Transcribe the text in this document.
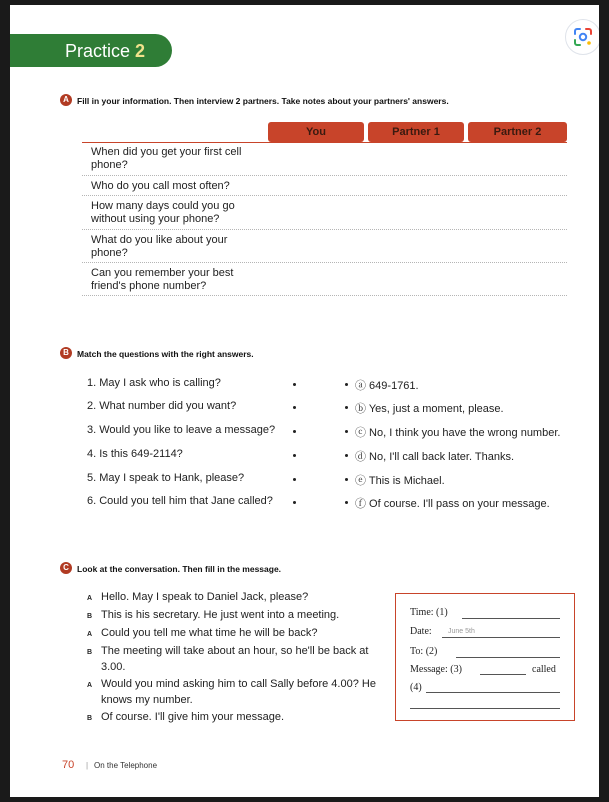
Practice 2
A Fill in your information. Then interview 2 partners. Take notes about your partners' answers.
You	Partner 1	Partner 2
When did you get your first cell phone?
Who do you call most often?
How many days could you go without using your phone?
What do you like about your phone?
Can you remember your best friend's phone number?
B Match the questions with the right answers.
1. May I ask who is calling?
2. What number did you want?
3. Would you like to leave a message?
4. Is this 649-2114?
5. May I speak to Hank, please?
6. Could you tell him that Jane called?
ⓐ 649-1761.
ⓑ Yes, just a moment, please.
ⓒ No, I think you have the wrong number.
ⓓ No, I'll call back later. Thanks.
ⓔ This is Michael.
ⓕ Of course. I'll pass on your message.
C Look at the conversation. Then fill in the message.
A Hello. May I speak to Daniel Jack, please?
B This is his secretary. He just went into a meeting.
A Could you tell me what time he will be back?
B The meeting will take about an hour, so he'll be back at 3.00.
A Would you mind asking him to call Sally before 4.00? He knows my number.
B Of course. I'll give him your message.
Time: (1)
Date: June 5th
To: (2)
Message: (3)	called
(4)
70 | On the Telephone
